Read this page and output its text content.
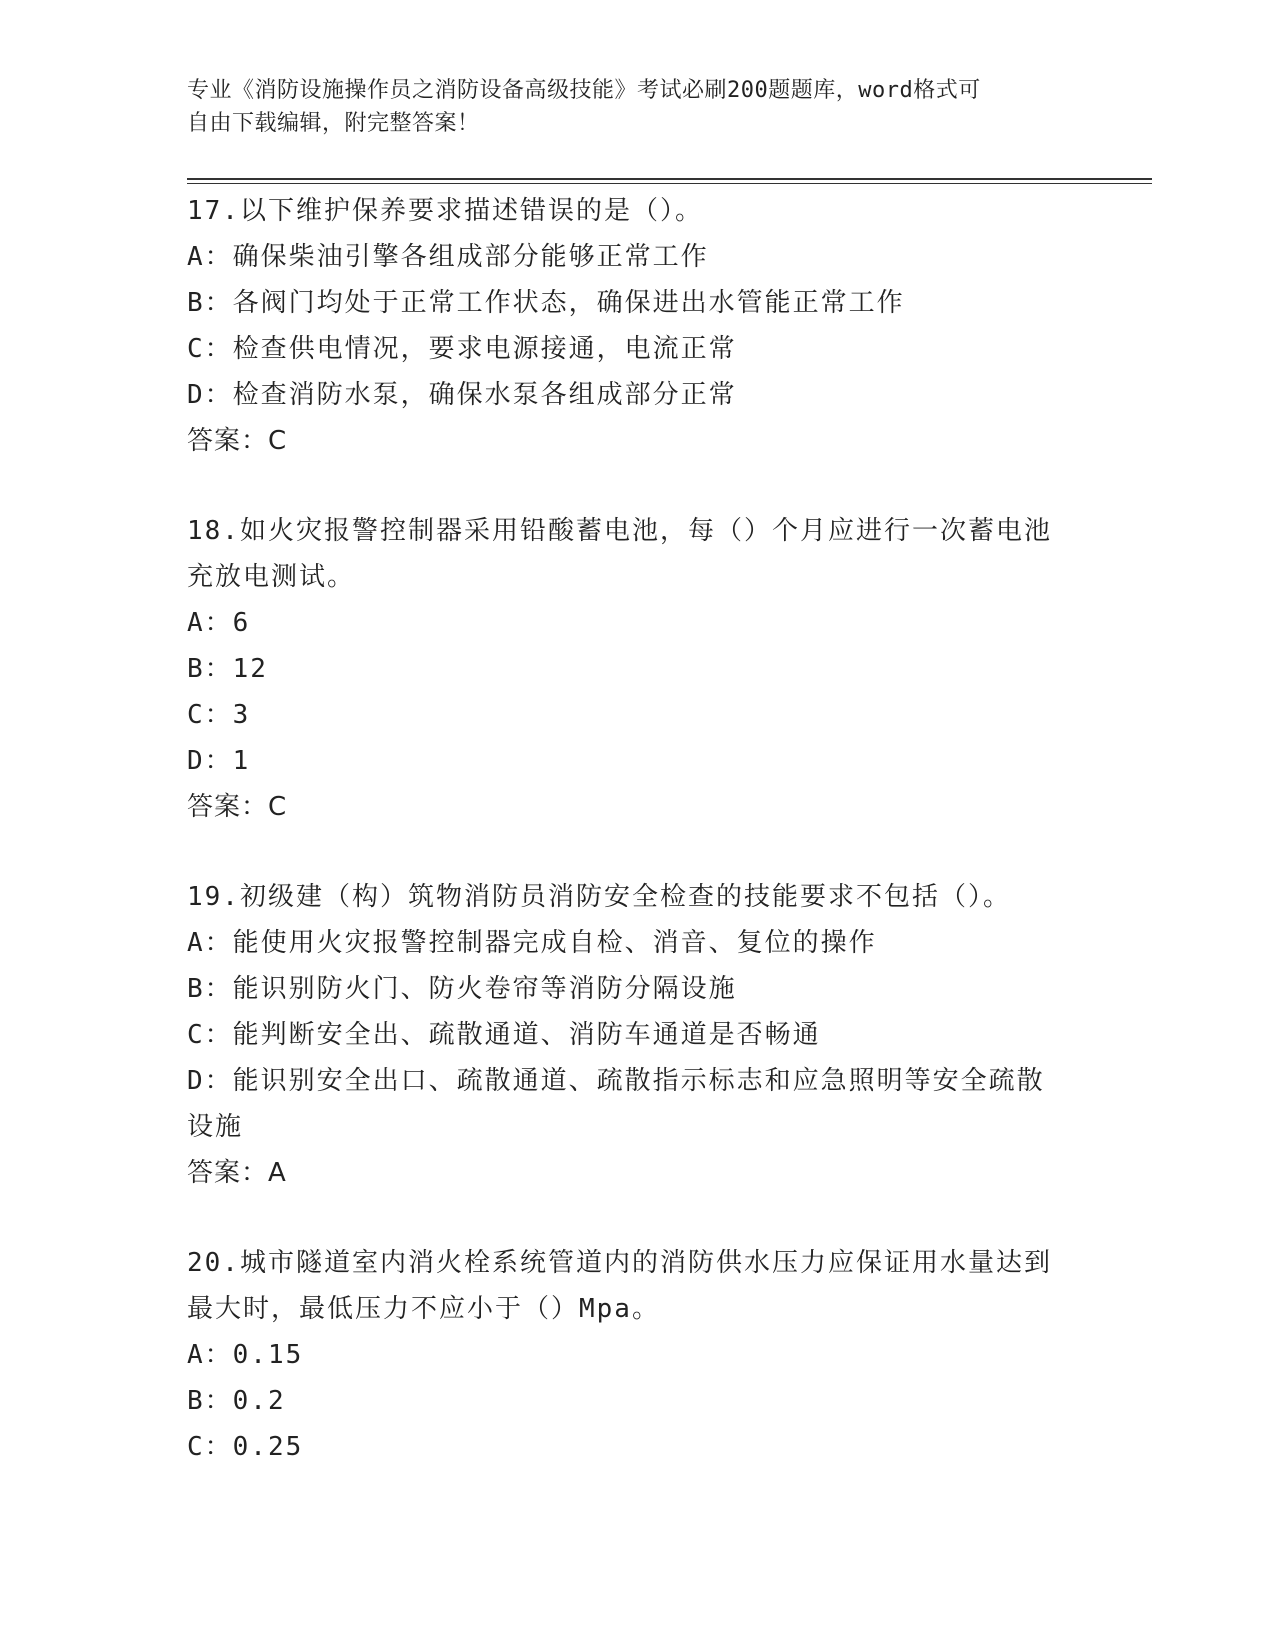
专业《消防设施操作员之消防设备高级技能》考试必刷200题题库，word格式可
自由下载编辑，附完整答案！
17.以下维护保养要求描述错误的是（）。
A：确保柴油引擎各组成部分能够正常工作
B：各阀门均处于正常工作状态，确保进出水管能正常工作
C：检查供电情况，要求电源接通，电流正常
D：检查消防水泵，确保水泵各组成部分正常
答案：C
18.如火灾报警控制器采用铅酸蓄电池，每（）个月应进行一次蓄电池
充放电测试。
A：6
B：12
C：3
D：1
答案：C
19.初级建（构）筑物消防员消防安全检查的技能要求不包括（）。
A：能使用火灾报警控制器完成自检、消音、复位的操作
B：能识别防火门、防火卷帘等消防分隔设施
C：能判断安全出、疏散通道、消防车通道是否畅通
D：能识别安全出口、疏散通道、疏散指示标志和应急照明等安全疏散
设施
答案：A
20.城市隧道室内消火栓系统管道内的消防供水压力应保证用水量达到
最大时，最低压力不应小于（）Mpa。
A：0.15
B：0.2
C：0.25
